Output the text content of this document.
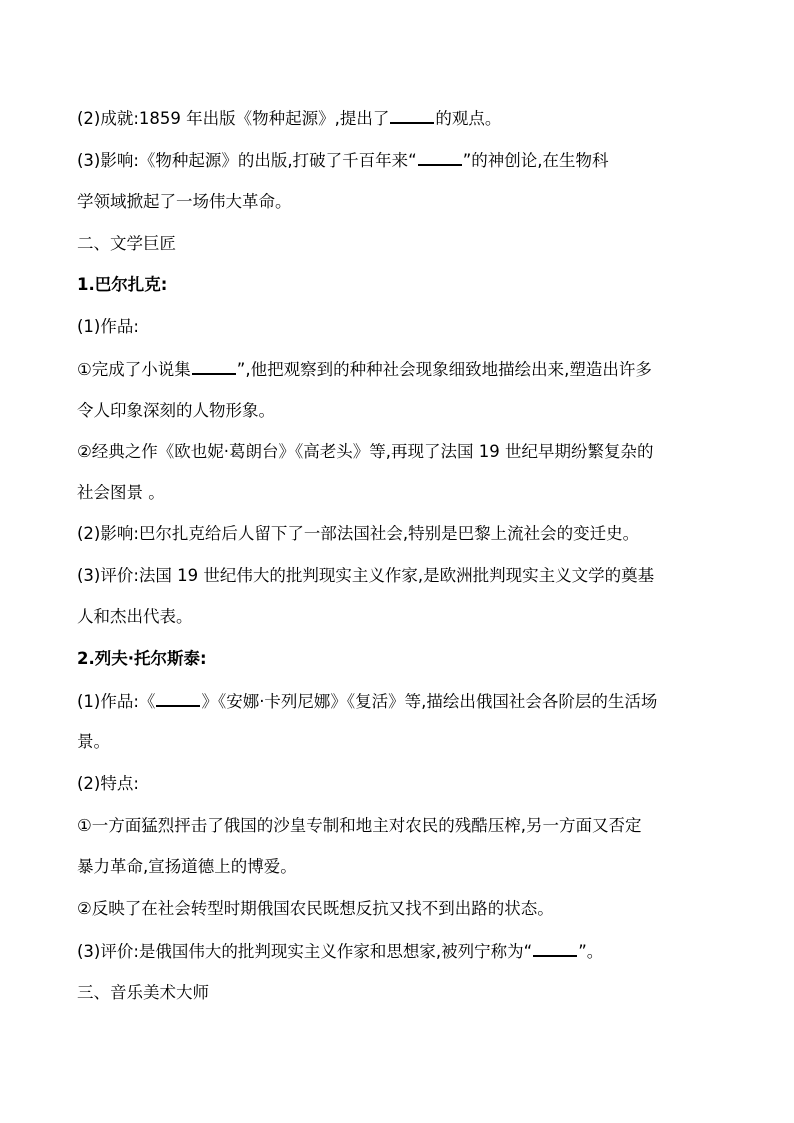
(2)成就:1859 年出版《物种起源》,提出了	的观点。
(3)影响:《物种起源》的出版,打破了千百年来“	”的神创论,在生物科
学领域掀起了一场伟大革命。
二、文学巨匠
1.巴尔扎克:
(1)作品:
①完成了小说集	”,他把观察到的种种社会现象细致地描绘出来,塑造出许多
令人印象深刻的人物形象。
②经典之作《欧也妮·葛朗台》《高老头》等,再现了法国 19 世纪早期纷繁复杂的
社会图景 。
(2)影响:巴尔扎克给后人留下了一部法国社会,特别是巴黎上流社会的变迁史。
(3)评价:法国 19 世纪伟大的批判现实主义作家,是欧洲批判现实主义文学的奠基
人和杰出代表。
2.列夫·托尔斯泰:
(1)作品:《	》《安娜·卡列尼娜》《复活》等,描绘出俄国社会各阶层的生活场
景。
(2)特点:
①一方面猛烈抨击了俄国的沙皇专制和地主对农民的残酷压榨,另一方面又否定
暴力革命,宣扬道德上的博爱。
②反映了在社会转型时期俄国农民既想反抗又找不到出路的状态。
(3)评价:是俄国伟大的批判现实主义作家和思想家,被列宁称为“	”。
三、音乐美术大师
